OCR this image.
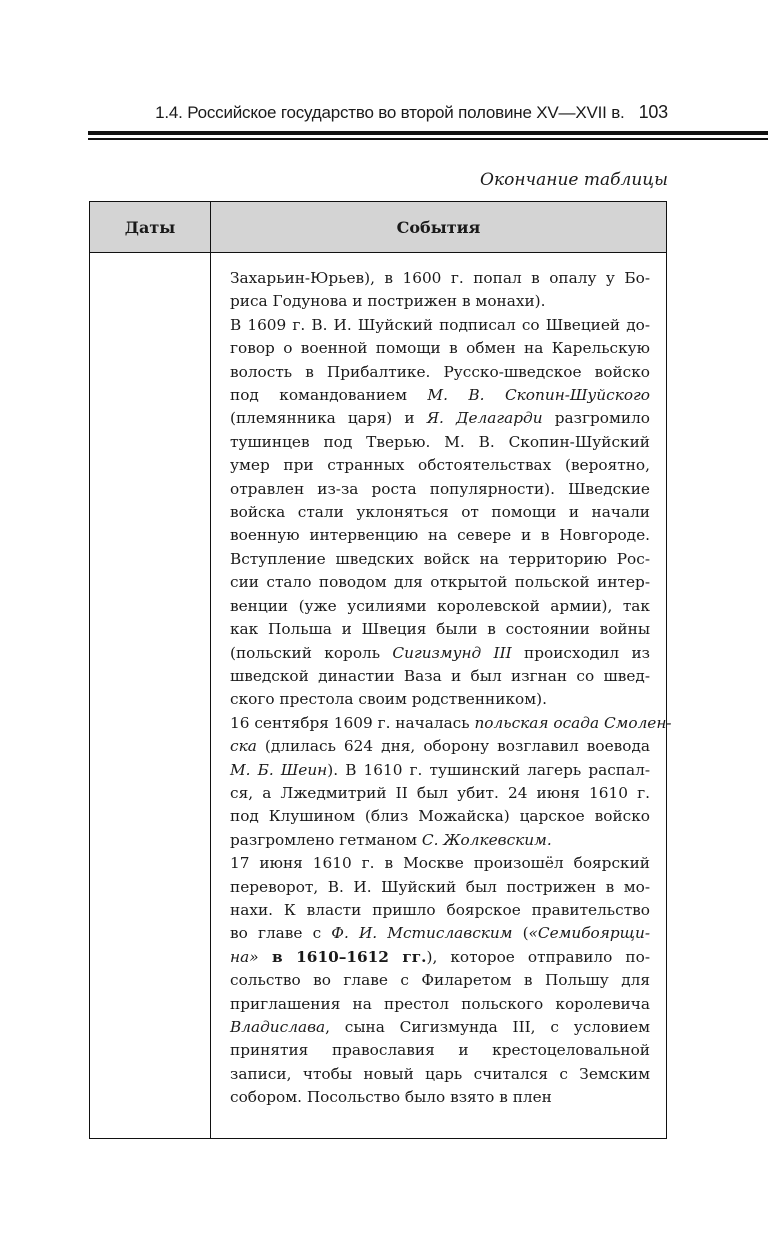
1.4. Российское государство во второй половине XV—XVII в. 103
Окончание таблицы
Даты	События
Захарьин-Юрьев), в 1600 г. попал в опалу у Бо-
риса Годунова и пострижен в монахи).
В 1609 г. В. И. Шуйский подписал со Швецией до-
говор о военной помощи в обмен на Карельскую
волость в Прибалтике. Русско-шведское войско
под командованием М. В. Скопин-Шуйского
(племянника царя) и Я. Делагарди разгромило
тушинцев под Тверью. М. В. Скопин-Шуйский
умер при странных обстоятельствах (вероятно,
отравлен из-за роста популярности). Шведские
войска стали уклоняться от помощи и начали
военную интервенцию на севере и в Новгороде.
Вступление шведских войск на территорию Рос-
сии стало поводом для открытой польской интер-
венции (уже усилиями королевской армии), так
как Польша и Швеция были в состоянии войны
(польский король Сигизмунд III происходил из
шведской династии Ваза и был изгнан со швед-
ского престола своим родственником).
16 сентября 1609 г. началась польская осада Смолен-
ска (длилась 624 дня, оборону возглавил воевода
М. Б. Шеин). В 1610 г. тушинский лагерь распал-
ся, а Лжедмитрий II был убит. 24 июня 1610 г.
под Клушином (близ Можайска) царское войско
разгромлено гетманом С. Жолкевским.
17 июня 1610 г. в Москве произошёл боярский
переворот, В. И. Шуйский был пострижен в мо-
нахи. К власти пришло боярское правительство
во главе с Ф. И. Мстиславским («Семибоярщи-
на» в 1610–1612 гг.), которое отправило по-
сольство во главе с Филаретом в Польшу для
приглашения на престол польского королевича
Владислава, сына Сигизмунда III, с условием
принятия православия и крестоцеловальной
записи, чтобы новый царь считался с Земским
собором. Посольство было взято в плен
